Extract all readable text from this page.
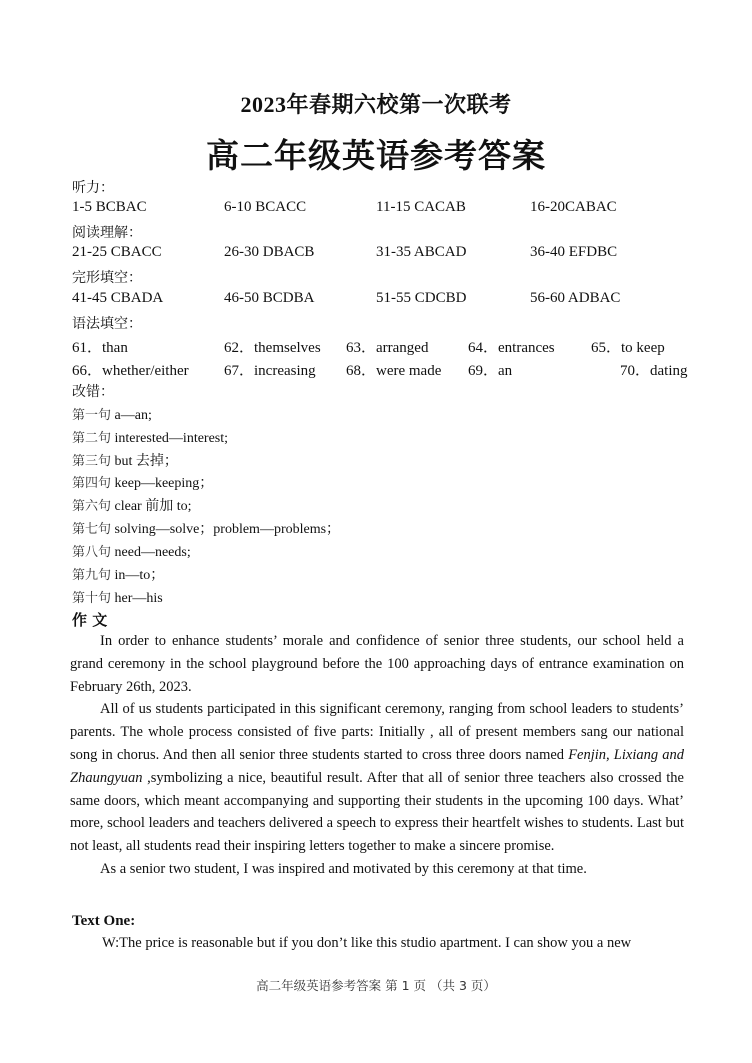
2023年春期六校第一次联考
高二年级英语参考答案
听力：
1-5 BCBAC	6-10 BCACC	11-15 CACAB	16-20CABAC
阅读理解：
21-25 CBACC	26-30 DBACB	31-35 ABCAD	36-40 EFDBC
完形填空：
41-45 CBADA	46-50 BCDBA	51-55 CDCBD	56-60 ADBAC
语法填空：
61．than	62．themselves 63．arranged	64．entrances 65．to keep
66．whether/either 67．increasing 68．were made 69．an	70．dating
改错：
第一句 a—an;
第二句 interested—interest;
第三句 but 去掉；
第四句 keep—keeping；
第六句 clear 前加 to;
第七句 solving—solve；problem—problems；
第八句 need—needs;
第九句 in—to；
第十句 her—his
作 文

In order to enhance students’ morale and confidence of senior three students, our school held a grand ceremony in the school playground before the 100 approaching days of entrance examination on February 26th, 2023.

All of us students participated in this significant ceremony, ranging from school leaders to students’ parents. The whole process consisted of five parts: Initially , all of present members sang our national song in chorus. And then all senior three students started to cross three doors named Fenjin, Lixiang and Zhaungyuan ,symbolizing a nice, beautiful result. After that all of senior three teachers also crossed the same doors, which meant accompanying and supporting their students in the upcoming 100 days. What’ more, school leaders and teachers delivered a speech to express their heartfelt wishes to students. Last but not least, all students read their inspiring letters together to make a sincere promise.

As a senior two student, I was inspired and motivated by this ceremony at that time.

Text One:
W:The price is reasonable but if you don’t like this studio apartment. I can show you a new
高二年级英语参考答案 第 1 页 （共 3 页）
